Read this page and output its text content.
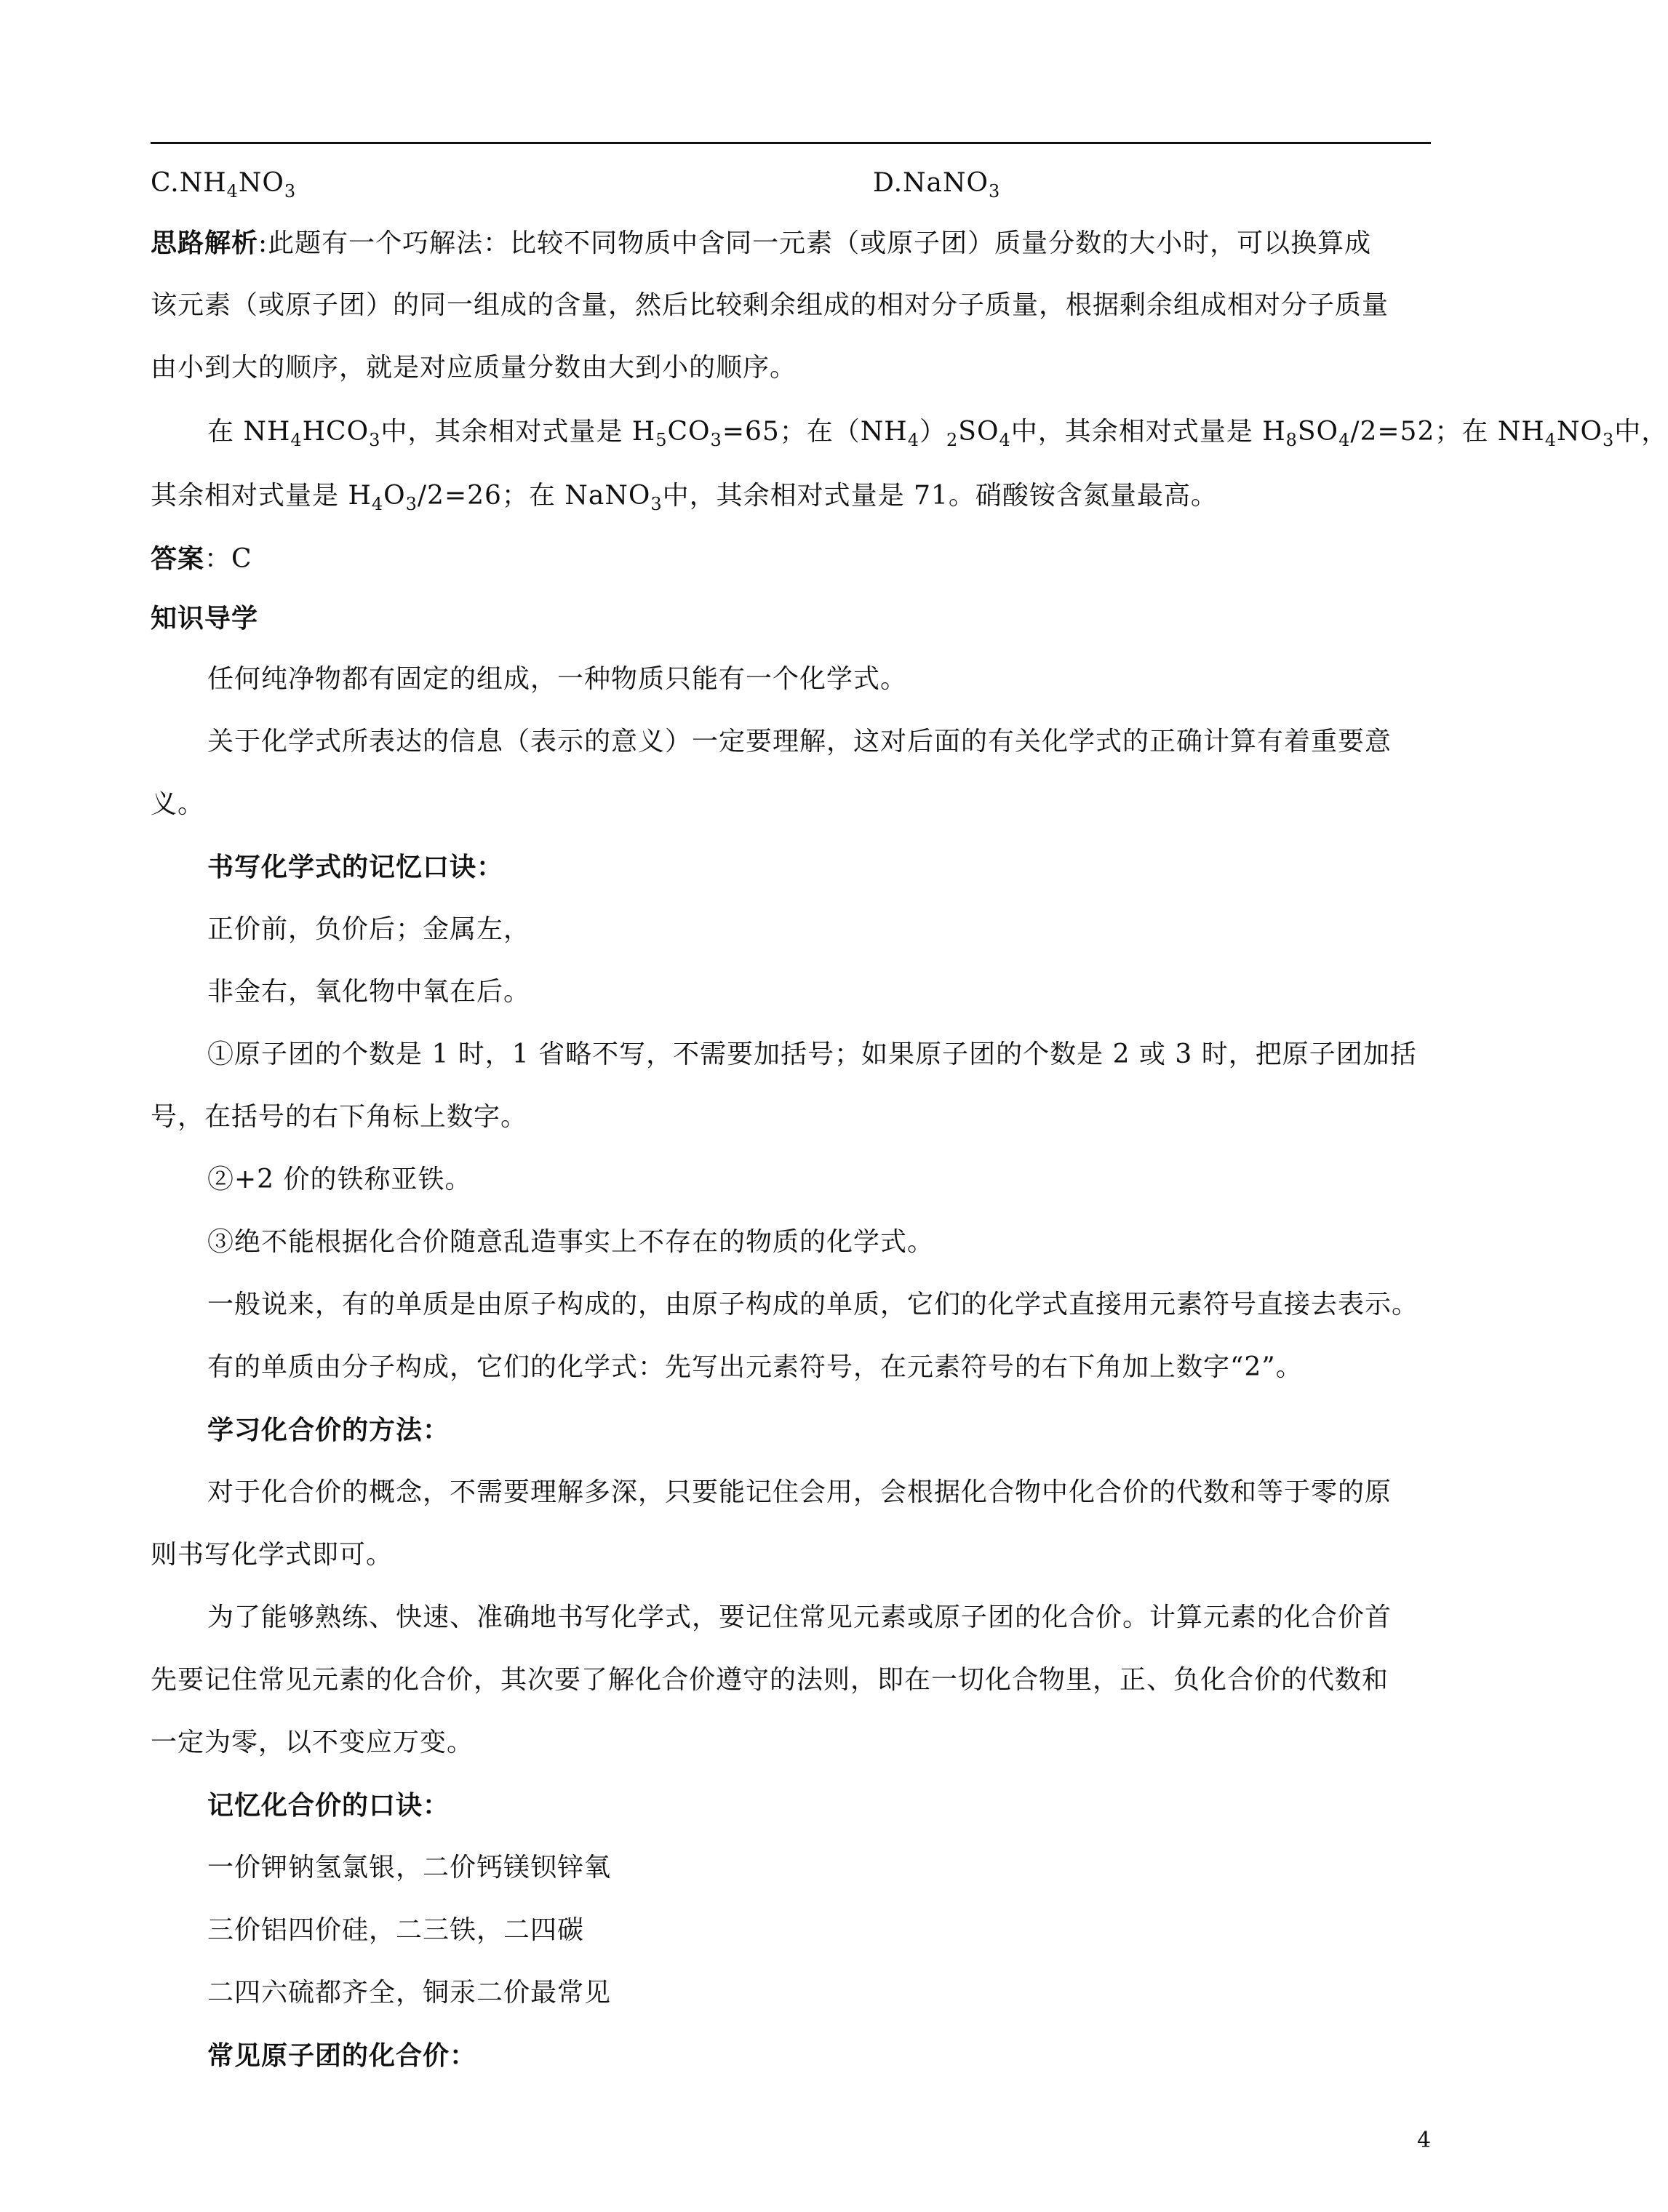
$C.NH_4NO_3$	D.NaNO$_3$
思路解析:此题有一个巧解法：比较不同物质中含同一元素（或原子团）质量分数的大小时，可以换算成
该元素（或原子团）的同一组成的含量，然后比较剩余组成的相对分子质量，根据剩余组成相对分子质量
由小到大的顺序，就是对应质量分数由大到小的顺序。
在 $NH_4HCO_3$中，其余相对式量是 $H_5CO_3=65$；在$(NH_4)_2SO_4$中，其余相对式量是 $H_8SO_4/2=52$；在 $NH_4NO_3$中，
其余相对式量是 $H_4O_3/2=26$；在 NaNO$_3$中，其余相对式量是 71。硝酸铵含氮量最高。
答案：C
知识导学
任何纯净物都有固定的组成，一种物质只能有一个化学式。
关于化学式所表达的信息（表示的意义）一定要理解，这对后面的有关化学式的正确计算有着重要意
义。
书写化学式的记忆口诀：
正价前，负价后；金属左，
非金右，氧化物中氧在后。
①原子团的个数是 1 时，1 省略不写，不需要加括号；如果原子团的个数是 2 或 3 时，把原子团加括
号，在括号的右下角标上数字。
②+2 价的铁称亚铁。
③绝不能根据化合价随意乱造事实上不存在的物质的化学式。
一般说来，有的单质是由原子构成的，由原子构成的单质，它们的化学式直接用元素符号直接去表示。
有的单质由分子构成，它们的化学式：先写出元素符号，在元素符号的右下角加上数字“2”。
学习化合价的方法：
对于化合价的概念，不需要理解多深，只要能记住会用，会根据化合物中化合价的代数和等于零的原
则书写化学式即可。
为了能够熟练、快速、准确地书写化学式，要记住常见元素或原子团的化合价。计算元素的化合价首
先要记住常见元素的化合价，其次要了解化合价遵守的法则，即在一切化合物里，正、负化合价的代数和
一定为零，以不变应万变。
记忆化合价的口诀：
一价钾钠氢氯银，二价钙镁钡锌氧
三价铝四价硅，二三铁，二四碳
二四六硫都齐全，铜汞二价最常见
常见原子团的化合价：
4
